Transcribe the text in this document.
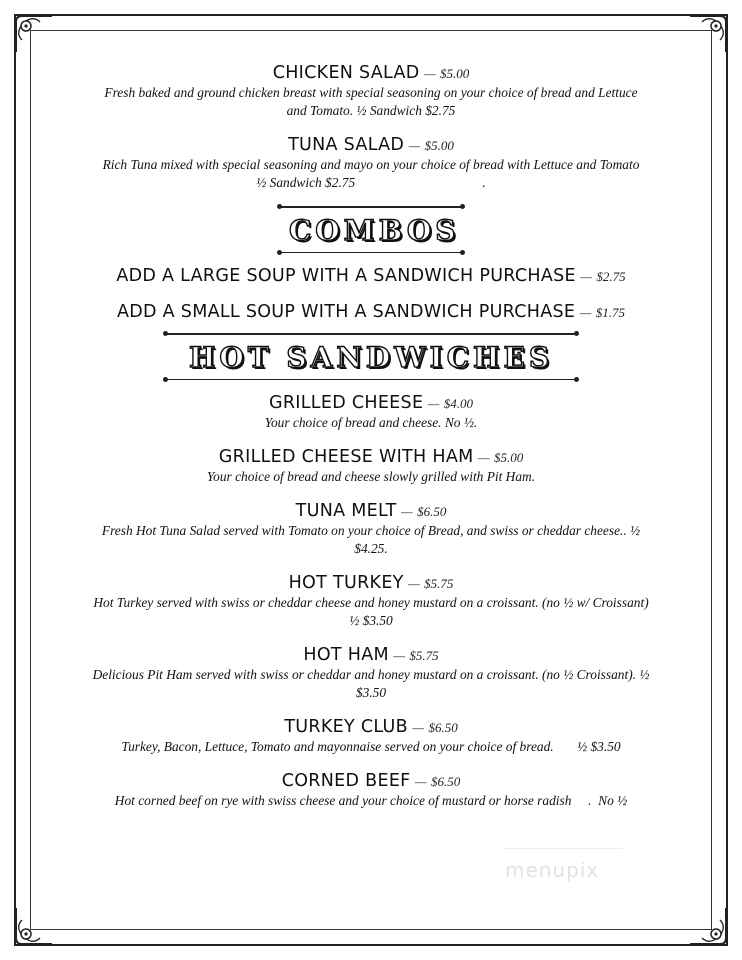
CHICKEN SALAD — $5.00
Fresh baked and ground chicken breast with special seasoning on your choice of bread and Lettuce and Tomato. ½ Sandwich $2.75
TUNA SALAD — $5.00
Rich Tuna mixed with special seasoning and mayo on your choice of bread with Lettuce and Tomato     ½ Sandwich $2.75                                      .
COMBOS
ADD A LARGE SOUP WITH A SANDWICH PURCHASE — $2.75
ADD A SMALL SOUP WITH A SANDWICH PURCHASE — $1.75
HOT SANDWICHES
GRILLED CHEESE — $4.00
Your choice of bread and cheese. No ½.
GRILLED CHEESE WITH HAM — $5.00
Your choice of bread and cheese slowly grilled with Pit Ham.
TUNA MELT — $6.50
Fresh Hot Tuna Salad served with Tomato on your choice of Bread, and swiss or cheddar cheese.. ½ $4.25.
HOT TURKEY — $5.75
Hot Turkey served with swiss or cheddar cheese and honey mustard on a croissant. (no ½ w/ Croissant) ½ $3.50
HOT HAM — $5.75
Delicious Pit Ham served with swiss or cheddar and honey mustard on a croissant. (no ½ Croissant). ½ $3.50
TURKEY CLUB — $6.50
Turkey, Bacon, Lettuce, Tomato and mayonnaise served on your choice of bread.       ½ $3.50
CORNED BEEF — $6.50
Hot corned beef on rye with swiss cheese and your choice of mustard or horse radish     .  No ½
menupix
